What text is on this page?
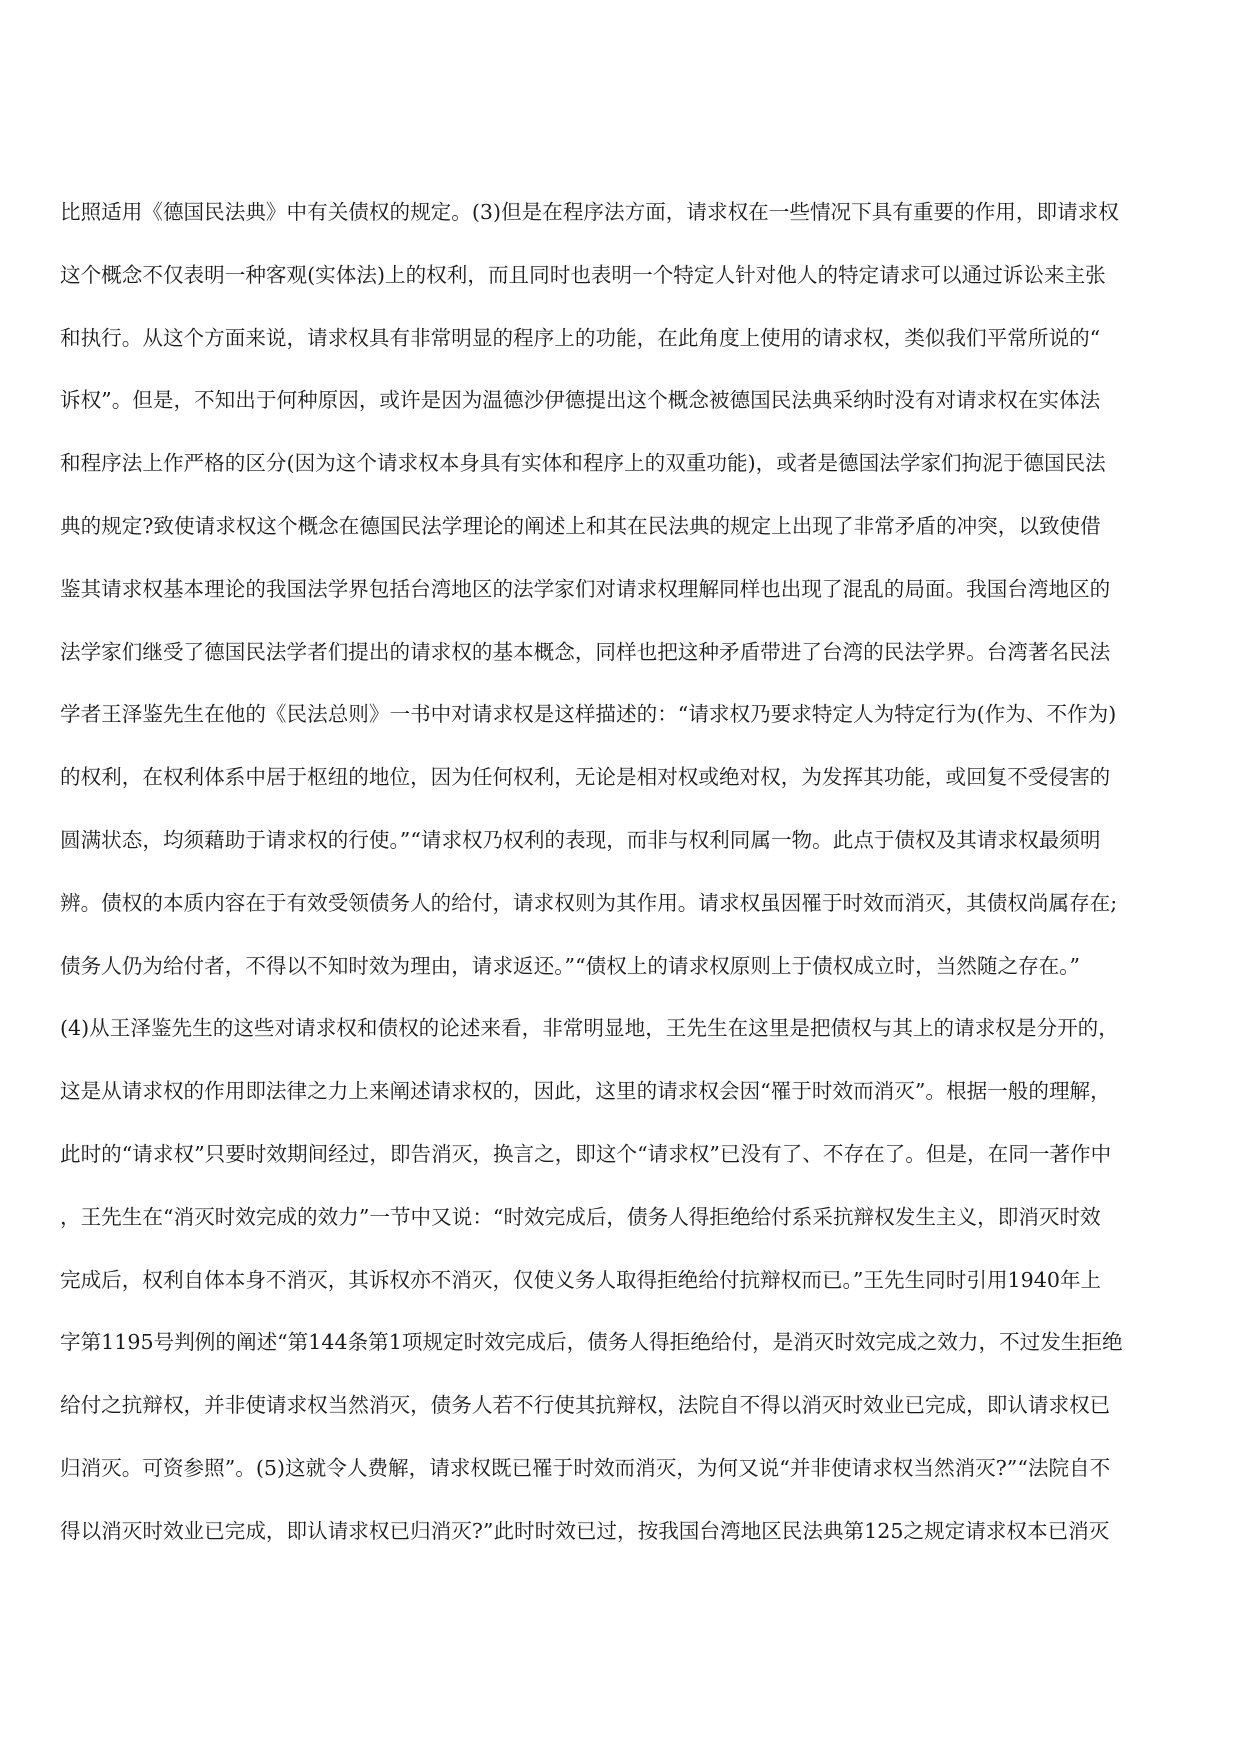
比照适用《德国民法典》中有关债权的规定。(3)但是在程序法方面，请求权在一些情况下具有重要的作用，即请求权
这个概念不仅表明一种客观(实体法)上的权利，而且同时也表明一个特定人针对他人的特定请求可以通过诉讼来主张
和执行。从这个方面来说，请求权具有非常明显的程序上的功能，在此角度上使用的请求权，类似我们平常所说的“
诉权”。但是，不知出于何种原因，或许是因为温德沙伊德提出这个概念被德国民法典采纳时没有对请求权在实体法
和程序法上作严格的区分(因为这个请求权本身具有实体和程序上的双重功能)，或者是德国法学家们拘泥于德国民法
典的规定?致使请求权这个概念在德国民法学理论的阐述上和其在民法典的规定上出现了非常矛盾的冲突，以致使借
鉴其请求权基本理论的我国法学界包括台湾地区的法学家们对请求权理解同样也出现了混乱的局面。我国台湾地区的
法学家们继受了德国民法学者们提出的请求权的基本概念，同样也把这种矛盾带进了台湾的民法学界。台湾著名民法
学者王泽鉴先生在他的《民法总则》一书中对请求权是这样描述的：“请求权乃要求特定人为特定行为(作为、不作为)
的权利，在权利体系中居于枢纽的地位，因为任何权利，无论是相对权或绝对权，为发挥其功能，或回复不受侵害的
圆满状态，均须藉助于请求权的行使。”“请求权乃权利的表现，而非与权利同属一物。此点于债权及其请求权最须明
辨。债权的本质内容在于有效受领债务人的给付，请求权则为其作用。请求权虽因罹于时效而消灭，其债权尚属存在;
债务人仍为给付者，不得以不知时效为理由，请求返还。”“债权上的请求权原则上于债权成立时，当然随之存在。”
(4)从王泽鉴先生的这些对请求权和债权的论述来看，非常明显地，王先生在这里是把债权与其上的请求权是分开的，
这是从请求权的作用即法律之力上来阐述请求权的，因此，这里的请求权会因“罹于时效而消灭”。根据一般的理解，
此时的“请求权”只要时效期间经过，即告消灭，换言之，即这个“请求权”已没有了、不存在了。但是，在同一著作中
，王先生在“消灭时效完成的效力”一节中又说：“时效完成后，债务人得拒绝给付系采抗辩权发生主义，即消灭时效
完成后，权利自体本身不消灭，其诉权亦不消灭，仅使义务人取得拒绝给付抗辩权而已。”王先生同时引用1940年上
字第1195号判例的阐述“第144条第1项规定时效完成后，债务人得拒绝给付，是消灭时效完成之效力，不过发生拒绝
给付之抗辩权，并非使请求权当然消灭，债务人若不行使其抗辩权，法院自不得以消灭时效业已完成，即认请求权已
归消灭。可资参照”。(5)这就令人费解，请求权既已罹于时效而消灭，为何又说“并非使请求权当然消灭?”“法院自不
得以消灭时效业已完成，即认请求权已归消灭?”此时时效已过，按我国台湾地区民法典第125之规定请求权本已消灭
